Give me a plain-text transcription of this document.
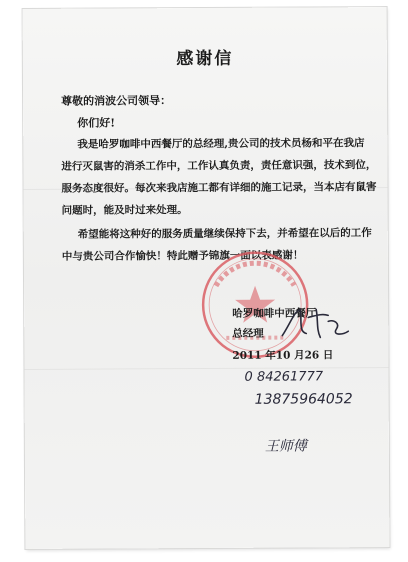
感谢信
尊敬的消波公司领导：
你们好!
我是哈罗咖啡中西餐厅的总经理,贵公司的技术员杨和平在我店
进行灭鼠害的消杀工作中，工作认真负责，责任意识强，技术到位，
服务态度很好。每次来我店施工都有详细的施工记录，当本店有鼠害
问题时，能及时过来处理。
希望能将这种好的服务质量继续保持下去，并希望在以后的工作
中与贵公司合作愉快！特此赠予锦旗一面以表感谢！
哈罗咖啡中西餐厅
总经理
2011 年10 月26 日
0 84261777
13875964052
王师傅
